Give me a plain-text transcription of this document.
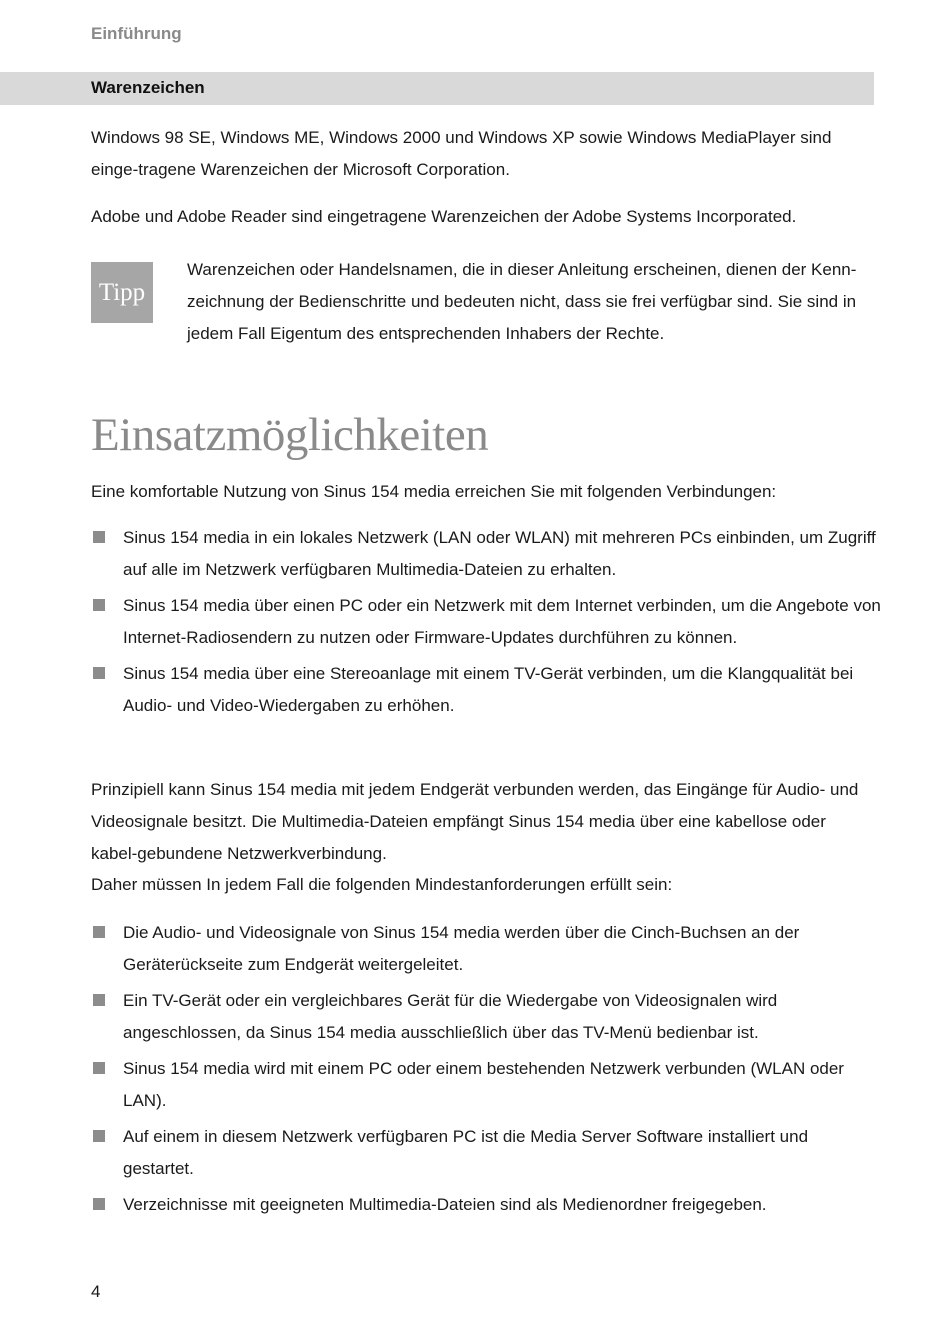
Einführung
Warenzeichen

Windows 98 SE, Windows ME, Windows 2000 und Windows XP sowie Windows MediaPlayer sind einge-tragene Warenzeichen der Microsoft Corporation.

Adobe und Adobe Reader sind eingetragene Warenzeichen der Adobe Systems Incorporated.

Tipp

Warenzeichen oder Handelsnamen, die in dieser Anleitung erscheinen, dienen der Kenn-zeichnung der Bedienschritte und bedeuten nicht, dass sie frei verfügbar sind. Sie sind in jedem Fall Eigentum des entsprechenden Inhabers der Rechte.

Einsatzmöglichkeiten

Eine komfortable Nutzung von Sinus 154 media erreichen Sie mit folgenden Verbindungen:

Sinus 154 media in ein lokales Netzwerk (LAN oder WLAN) mit mehreren PCs einbinden, um Zugriff auf alle im Netzwerk verfügbaren Multimedia-Dateien zu erhalten.
Sinus 154 media über einen PC oder ein Netzwerk mit dem Internet verbinden, um die Angebote von Internet-Radiosendern zu nutzen oder Firmware-Updates durchführen zu können.
Sinus 154 media über eine Stereoanlage mit einem TV-Gerät verbinden, um die Klangqualität bei Audio- und Video-Wiedergaben zu erhöhen.

Prinzipiell kann Sinus 154 media mit jedem Endgerät verbunden werden, das Eingänge für Audio- und Videosignale besitzt. Die Multimedia-Dateien empfängt Sinus 154 media über eine kabellose oder kabel-gebundene Netzwerkverbindung.

Daher müssen In jedem Fall die folgenden Mindestanforderungen erfüllt sein:

Die Audio- und Videosignale von Sinus 154 media werden über die Cinch-Buchsen an der Geräterückseite zum Endgerät weitergeleitet.
Ein TV-Gerät oder ein vergleichbares Gerät für die Wiedergabe von Videosignalen wird angeschlossen, da Sinus 154 media ausschließlich über das TV-Menü bedienbar ist.
Sinus 154 media wird mit einem PC oder einem bestehenden Netzwerk verbunden (WLAN oder LAN).
Auf einem in diesem Netzwerk verfügbaren PC ist die Media Server Software installiert und gestartet.
Verzeichnisse mit geeigneten Multimedia-Dateien sind als Medienordner freigegeben.
4
